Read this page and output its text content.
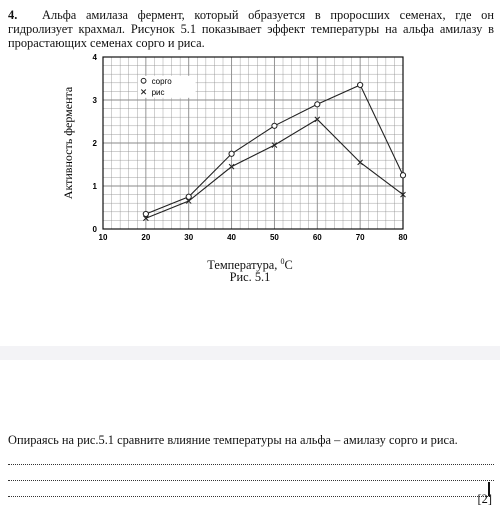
4. Альфа амилаза фермент, который образуется в проросших семенах, где он гидролизует крахмал. Рисунок 5.1 показывает эффект температуры на альфа амилазу в прорастающих семенах сорго и риса.
10	20	30	40	50	60	70	80
0
1
2
3
4
Активность фермента
сорго
рис
Температура, $^0$C
Рис. 5.1
Опираясь на рис.5.1 сравните влияние температуры на альфа – амилазу сорго и риса.
[2]
